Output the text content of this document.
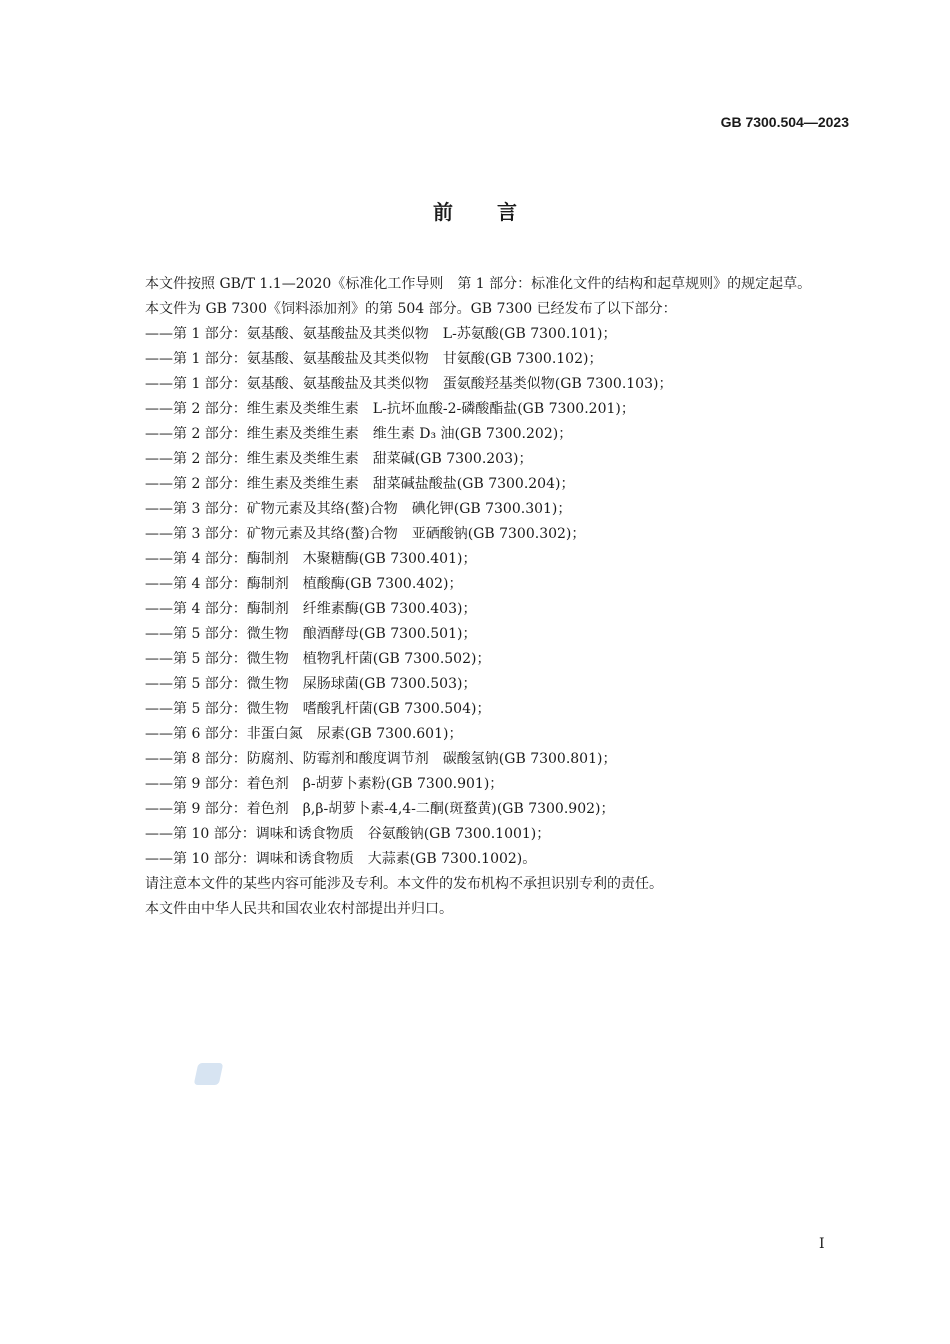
GB 7300.504—2023
前言

本文件按照 GB/T 1.1—2020《标准化工作导则　第 1 部分：标准化文件的结构和起草规则》的规定起草。

本文件为 GB 7300《饲料添加剂》的第 504 部分。GB 7300 已经发布了以下部分：

——第 1 部分：氨基酸、氨基酸盐及其类似物　L-苏氨酸(GB 7300.101)；

——第 1 部分：氨基酸、氨基酸盐及其类似物　甘氨酸(GB 7300.102)；

——第 1 部分：氨基酸、氨基酸盐及其类似物　蛋氨酸羟基类似物(GB 7300.103)；

——第 2 部分：维生素及类维生素　L-抗坏血酸-2-磷酸酯盐(GB 7300.201)；

——第 2 部分：维生素及类维生素　维生素 D₃ 油(GB 7300.202)；

——第 2 部分：维生素及类维生素　甜菜碱(GB 7300.203)；

——第 2 部分：维生素及类维生素　甜菜碱盐酸盐(GB 7300.204)；

——第 3 部分：矿物元素及其络(螯)合物　碘化钾(GB 7300.301)；

——第 3 部分：矿物元素及其络(螯)合物　亚硒酸钠(GB 7300.302)；

——第 4 部分：酶制剂　木聚糖酶(GB 7300.401)；

——第 4 部分：酶制剂　植酸酶(GB 7300.402)；

——第 4 部分：酶制剂　纤维素酶(GB 7300.403)；

——第 5 部分：微生物　酿酒酵母(GB 7300.501)；

——第 5 部分：微生物　植物乳杆菌(GB 7300.502)；

——第 5 部分：微生物　屎肠球菌(GB 7300.503)；

——第 5 部分：微生物　嗜酸乳杆菌(GB 7300.504)；

——第 6 部分：非蛋白氮　尿素(GB 7300.601)；

——第 8 部分：防腐剂、防霉剂和酸度调节剂　碳酸氢钠(GB 7300.801)；

——第 9 部分：着色剂　β-胡萝卜素粉(GB 7300.901)；

——第 9 部分：着色剂　β,β-胡萝卜素-4,4-二酮(斑蝥黄)(GB 7300.902)；

——第 10 部分：调味和诱食物质　谷氨酸钠(GB 7300.1001)；

——第 10 部分：调味和诱食物质　大蒜素(GB 7300.1002)。

请注意本文件的某些内容可能涉及专利。本文件的发布机构不承担识别专利的责任。

本文件由中华人民共和国农业农村部提出并归口。

I
